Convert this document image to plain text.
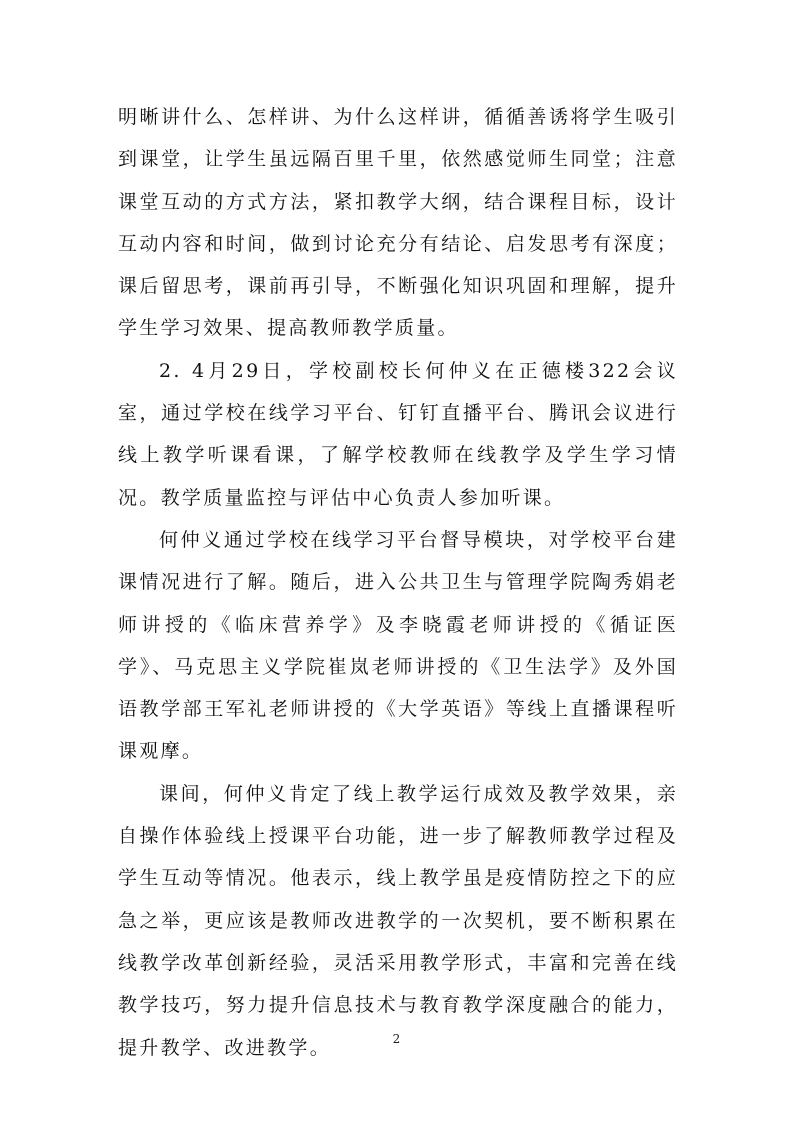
明晰讲什么、怎样讲、为什么这样讲，循循善诱将学生吸引到课堂，让学生虽远隔百里千里，依然感觉师生同堂；注意课堂互动的方式方法，紧扣教学大纲，结合课程目标，设计互动内容和时间，做到讨论充分有结论、启发思考有深度；课后留思考，课前再引导，不断强化知识巩固和理解，提升学生学习效果、提高教师教学质量。

2. 4月29日，学校副校长何仲义在正德楼322会议室，通过学校在线学习平台、钉钉直播平台、腾讯会议进行线上教学听课看课，了解学校教师在线教学及学生学习情况。教学质量监控与评估中心负责人参加听课。

何仲义通过学校在线学习平台督导模块，对学校平台建课情况进行了解。随后，进入公共卫生与管理学院陶秀娟老师讲授的《临床营养学》及李晓霞老师讲授的《循证医学》、马克思主义学院崔岚老师讲授的《卫生法学》及外国语教学部王军礼老师讲授的《大学英语》等线上直播课程听课观摩。

课间，何仲义肯定了线上教学运行成效及教学效果，亲自操作体验线上授课平台功能，进一步了解教师教学过程及学生互动等情况。他表示，线上教学虽是疫情防控之下的应急之举，更应该是教师改进教学的一次契机，要不断积累在线教学改革创新经验，灵活采用教学形式，丰富和完善在线教学技巧，努力提升信息技术与教育教学深度融合的能力，提升教学、改进教学。	2
